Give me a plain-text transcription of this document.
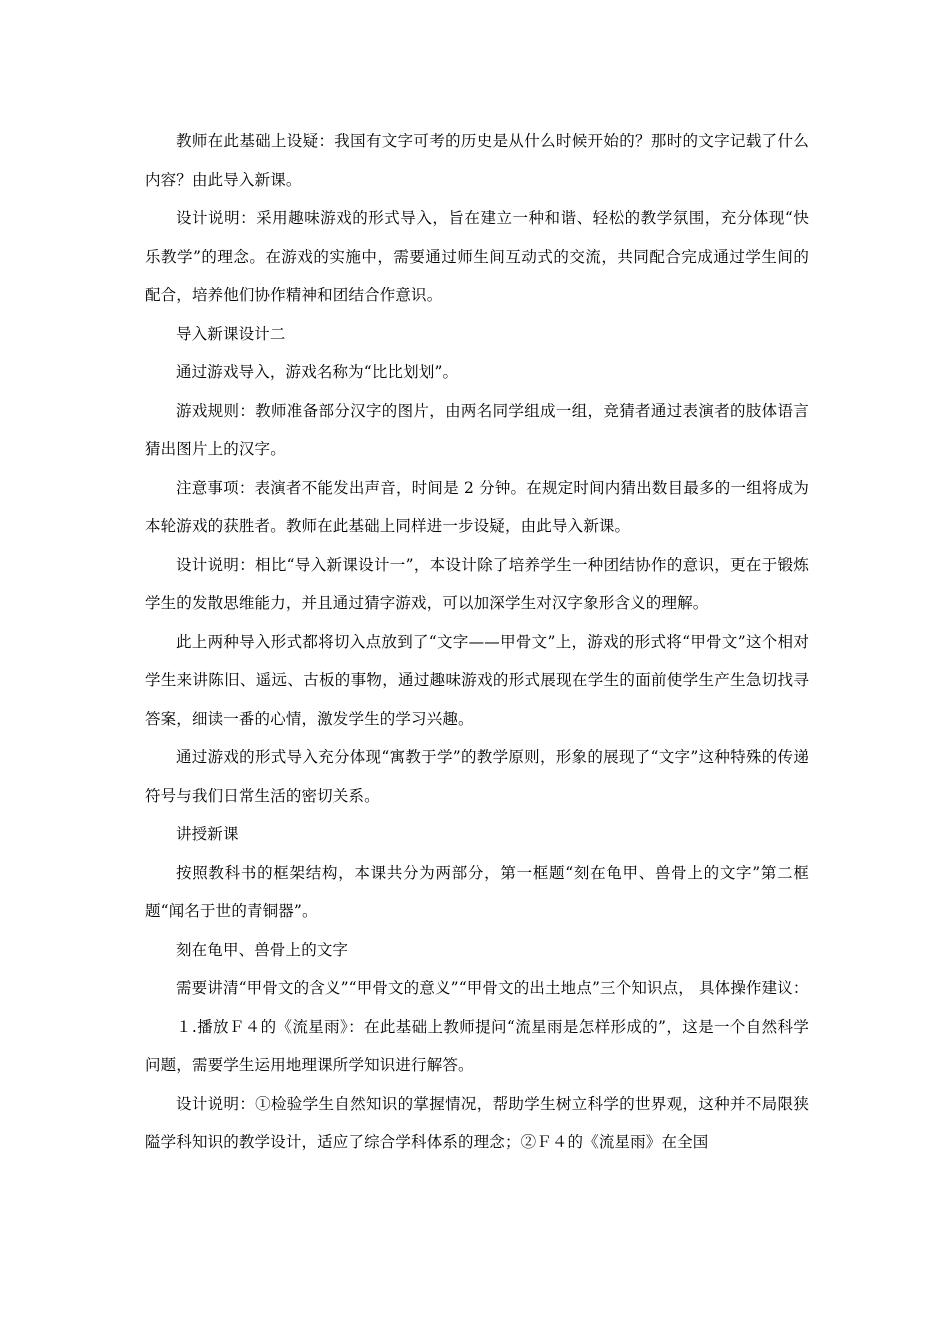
教师在此基础上设疑：我国有文字可考的历史是从什么时候开始的？那时的文字记载了什么内容？由此导入新课。

设计说明：采用趣味游戏的形式导入，旨在建立一种和谐、轻松的教学氛围，充分体现“快乐教学”的理念。在游戏的实施中，需要通过师生间互动式的交流，共同配合完成通过学生间的配合，培养他们协作精神和团结合作意识。

导入新课设计二

通过游戏导入，游戏名称为“比比划划”。

游戏规则：教师准备部分汉字的图片，由两名同学组成一组，竞猜者通过表演者的肢体语言猜出图片上的汉字。

注意事项：表演者不能发出声音，时间是 2 分钟。在规定时间内猜出数目最多的一组将成为本轮游戏的获胜者。教师在此基础上同样进一步设疑，由此导入新课。

设计说明：相比“导入新课设计一”，本设计除了培养学生一种团结协作的意识，更在于锻炼学生的发散思维能力，并且通过猜字游戏，可以加深学生对汉字象形含义的理解。

此上两种导入形式都将切入点放到了“文字——甲骨文”上，游戏的形式将“甲骨文”这个相对学生来讲陈旧、遥远、古板的事物，通过趣味游戏的形式展现在学生的面前使学生产生急切找寻答案，细读一番的心情，激发学生的学习兴趣。

通过游戏的形式导入充分体现“寓教于学”的教学原则，形象的展现了“文字”这种特殊的传递符号与我们日常生活的密切关系。

讲授新课

按照教科书的框架结构，本课共分为两部分，第一框题“刻在龟甲、兽骨上的文字”第二框题“闻名于世的青铜器”。

刻在龟甲、兽骨上的文字

需要讲清“甲骨文的含义”“甲骨文的意义”“甲骨文的出土地点”三个知识点， 具体操作建议：

１.播放Ｆ４的《流星雨》：在此基础上教师提问“流星雨是怎样形成的”，这是一个自然科学问题，需要学生运用地理课所学知识进行解答。

设计说明：①检验学生自然知识的掌握情况，帮助学生树立科学的世界观，这种并不局限狭隘学科知识的教学设计，适应了综合学科体系的理念；②Ｆ４的《流星雨》在全国
